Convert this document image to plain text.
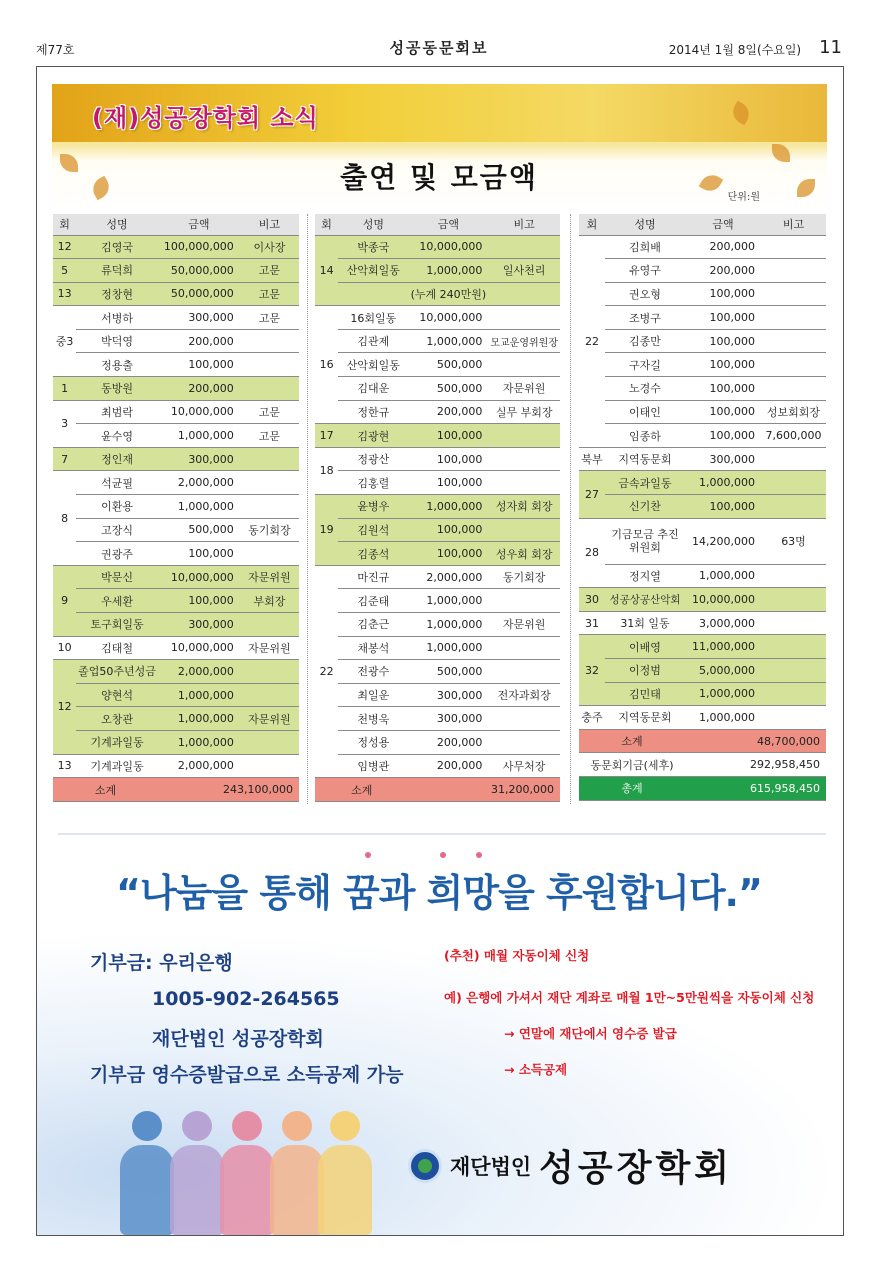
제77호	성공동문회보	2014년 1월 8일(수요일) 11
(재)성공장학회 소식
출연 및 모금액
단위:원
회	성명	금액	비고
12	김영국	100,000,000	이사장
5	류덕희	50,000,000	고문
13	정창현	50,000,000	고문
중3	서병하	300,000	고문
	박덕영	200,000	
	정용출	100,000	
1	동방원	200,000	
3	최범락	10,000,000	고문
	윤수영	1,000,000	고문
7	정인재	300,000	
8	석균필	2,000,000	
	이환용	1,000,000	
	고장식	500,000	동기회장
	권광주	100,000	
9	박문신	10,000,000	자문위원
	우세환	100,000	부회장
	토구회일동	300,000	
10	김태철	10,000,000	자문위원
12	졸업50주년성금	2,000,000	
	양현석	1,000,000	
	오창관	1,000,000	자문위원
	기계과일동	1,000,000	
13	기계과일동	2,000,000	
소계		243,100,000	
회	성명	금액	비고
14	박종국	10,000,000	
	산악회일동	1,000,000	일사천리
		(누계 240만원)	
16	16회일동	10,000,000	
	김관제	1,000,000	모교운영위원장
	산악회일동	500,000	
	김대운	500,000	자문위원
	정한규	200,000	실무 부회장
17	김광현	100,000	
18	정광산	100,000	
	김홍렬	100,000	
19	윤병우	1,000,000	성자회 회장
	김원석	100,000	
	김종석	100,000	성우회 회장
22	마진규	2,000,000	동기회장
	김준태	1,000,000	
	김춘근	1,000,000	자문위원
	채봉석	1,000,000	
	전광수	500,000	
	최일운	300,000	전자과회장
	천병욱	300,000	
	정성용	200,000	
	임병관	200,000	사무처장
소계		31,200,000	
회	성명	금액	비고
22	김희배	200,000	
	유영구	200,000	
	권오형	100,000	
	조병구	100,000	
	김종만	100,000	
	구자길	100,000	
	노경수	100,000	
	이태인	100,000	성보회회장
	임종하	100,000	7,600,000
북부	지역동문회	300,000	
27	금속과일동	1,000,000	
	신기찬	100,000	
28	기금모금 추진위원회	14,200,000	63명
	정지열	1,000,000	
30	성공상공산악회	10,000,000	
31	31회 일동	3,000,000	
32	이배영	11,000,000	
	이정범	5,000,000	
	김민태	1,000,000	
충주	지역동문회	1,000,000	
소계		48,700,000	
동문회기금(세후)		292,958,450	
총계		615,958,450	
“나눔을 통해 꿈과 희망을 후원합니다.”
기부금: 우리은행
1005-902-264565
재단법인 성공장학회
기부금 영수증발급으로 소득공제 가능
(추천) 매월 자동이체 신청
예) 은행에 가셔서 재단 계좌로 매월 1만~5만원씩을 자동이체 신청
→ 연말에 재단에서 영수증 발급
→ 소득공제
재단법인 성공장학회
